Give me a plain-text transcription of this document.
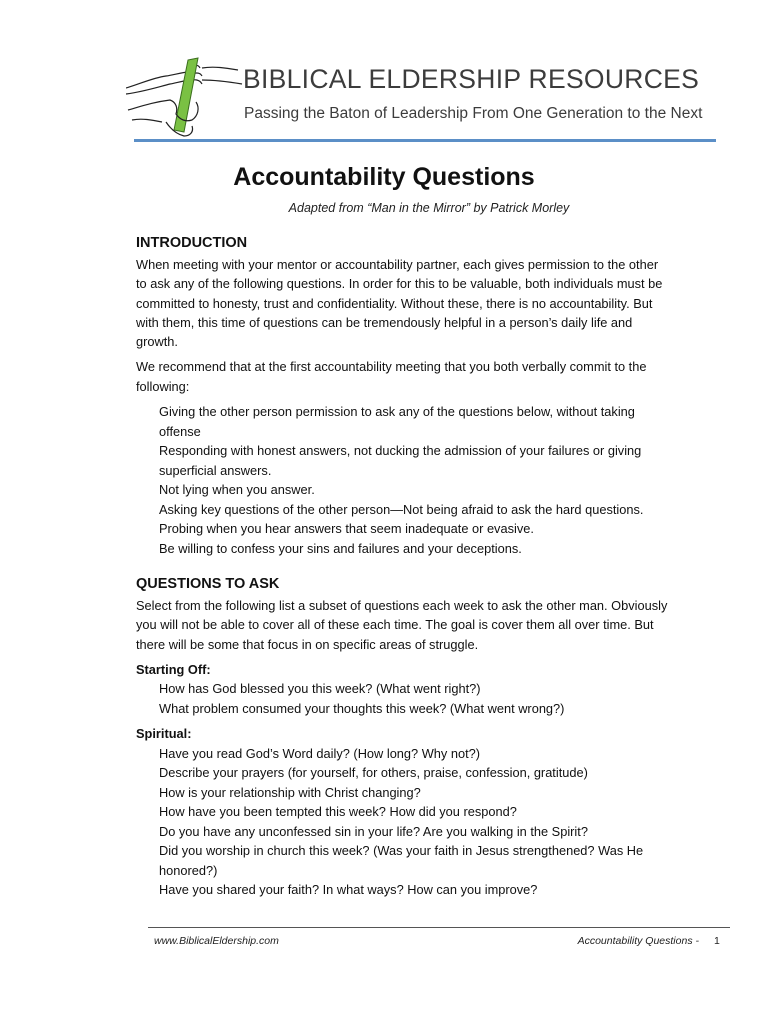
BIBLICAL ELDERSHIP RESOURCES
Passing the Baton of Leadership From One Generation to the Next
Accountability Questions
Adapted from “Man in the Mirror” by Patrick Morley
INTRODUCTION
When meeting with your mentor or accountability partner, each gives permission to the other
to ask any of the following questions. In order for this to be valuable, both individuals must be
committed to honesty, trust and confidentiality. Without these, there is no accountability. But
with them, this time of questions can be tremendously helpful in a person’s daily life and
growth.
We recommend that at the first accountability meeting that you both verbally commit to the
following:
Giving the other person permission to ask any of the questions below, without taking
offense
Responding with honest answers, not ducking the admission of your failures or giving
superficial answers.
Not lying when you answer.
Asking key questions of the other person—Not being afraid to ask the hard questions.
Probing when you hear answers that seem inadequate or evasive.
Be willing to confess your sins and failures and your deceptions.
QUESTIONS TO ASK
Select from the following list a subset of questions each week to ask the other man. Obviously
you will not be able to cover all of these each time. The goal is cover them all over time. But
there will be some that focus in on specific areas of struggle.
Starting Off:
How has God blessed you this week? (What went right?)
What problem consumed your thoughts this week? (What went wrong?)
Spiritual:
Have you read God’s Word daily? (How long? Why not?)
Describe your prayers (for yourself, for others, praise, confession, gratitude)
How is your relationship with Christ changing?
How have you been tempted this week? How did you respond?
Do you have any unconfessed sin in your life? Are you walking in the Spirit?
Did you worship in church this week? (Was your faith in Jesus strengthened? Was He
honored?)
Have you shared your faith? In what ways? How can you improve?
www.BiblicalEldership.com	Accountability Questions - 1
